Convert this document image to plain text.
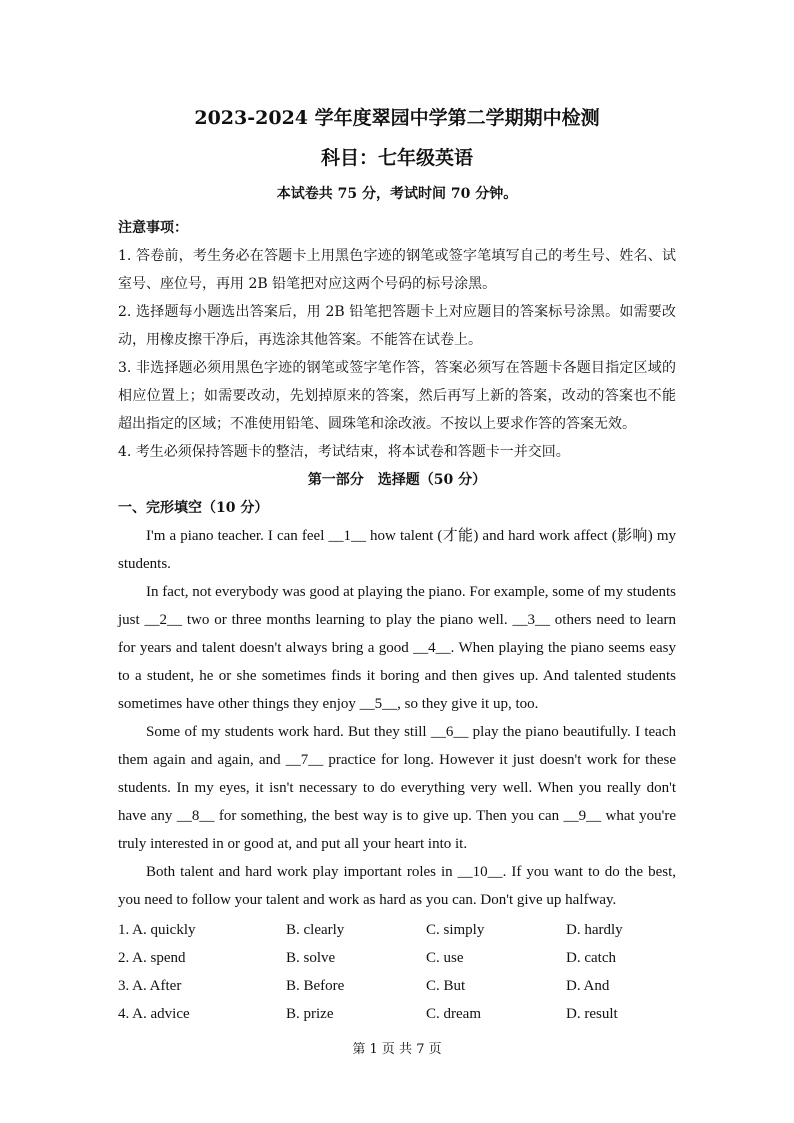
2023-2024 学年度翠园中学第二学期期中检测
科目：七年级英语
本试卷共 75 分，考试时间 70 分钟。
注意事项：

1. 答卷前，考生务必在答题卡上用黑色字迹的钢笔或签字笔填写自己的考生号、姓名、试室号、座位号，再用 2B 铅笔把对应这两个号码的标号涂黑。

2. 选择题每小题选出答案后，用 2B 铅笔把答题卡上对应题目的答案标号涂黑。如需要改动，用橡皮擦干净后，再选涂其他答案。不能答在试卷上。

3. 非选择题必须用黑色字迹的钢笔或签字笔作答，答案必须写在答题卡各题目指定区域的相应位置上；如需要改动，先划掉原来的答案，然后再写上新的答案，改动的答案也不能超出指定的区域；不准使用铅笔、圆珠笔和涂改液。不按以上要求作答的答案无效。

4. 考生必须保持答题卡的整洁，考试结束，将本试卷和答题卡一并交回。

第一部分　选择题（50 分）
一、完形填空（10 分）

I'm a piano teacher. I can feel __1__ how talent (才能) and hard work affect (影响) my students.

In fact, not everybody was good at playing the piano. For example, some of my students just __2__ two or three months learning to play the piano well. __3__ others need to learn for years and talent doesn't always bring a good __4__. When playing the piano seems easy to a student, he or she sometimes finds it boring and then gives up. And talented students sometimes have other things they enjoy __5__, so they give it up, too.

Some of my students work hard. But they still __6__ play the piano beautifully. I teach them again and again, and __7__ practice for long. However it just doesn't work for these students. In my eyes, it isn't necessary to do everything very well. When you really don't have any __8__ for something, the best way is to give up. Then you can __9__ what you're truly interested in or good at, and put all your heart into it.

Both talent and hard work play important roles in __10__. If you want to do the best, you need to follow your talent and work as hard as you can. Don't give up halfway.

1. A. quickly	B. clearly	C. simply	D. hardly
2. A. spend	B. solve	C. use	D. catch
3. A. After	B. Before	C. But	D. And
4. A. advice	B. prize	C. dream	D. result
第 1 页 共 7 页
